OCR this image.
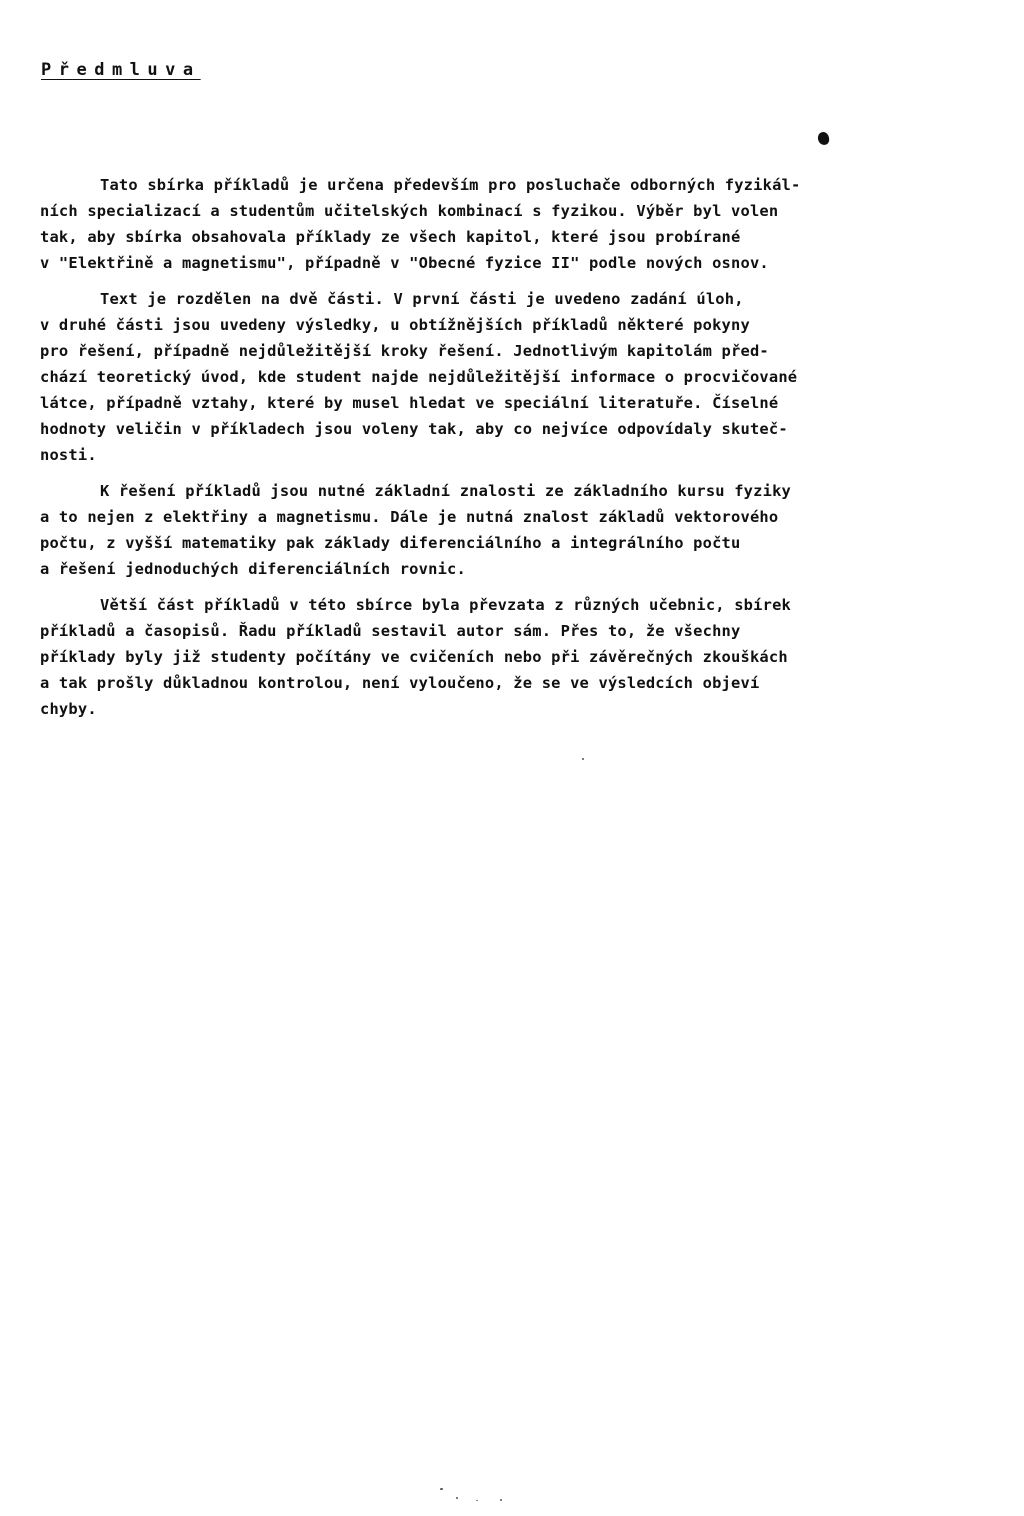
Předmluva
Tato sbírka příkladů je určena především pro posluchače odborných fyzikál-
ních specializací a studentům učitelských kombinací s fyzikou. Výběr byl volen
tak, aby sbírka obsahovala příklady ze všech kapitol, které jsou probírané
v "Elektřině a magnetismu", případně v "Obecné fyzice II" podle nových osnov.
Text je rozdělen na dvě části. V první části je uvedeno zadání úloh,
v druhé části jsou uvedeny výsledky, u obtížnějších příkladů některé pokyny
pro řešení, případně nejdůležitější kroky řešení. Jednotlivým kapitolám před-
chází teoretický úvod, kde student najde nejdůležitější informace o procvičované
látce, případně vztahy, které by musel hledat ve speciální literatuře. Číselné
hodnoty veličin v příkladech jsou voleny tak, aby co nejvíce odpovídaly skuteč-
nosti.
K řešení příkladů jsou nutné základní znalosti ze základního kursu fyziky
a to nejen z elektřiny a magnetismu. Dále je nutná znalost základů vektorového
počtu, z vyšší matematiky pak základy diferenciálního a integrálního počtu
a řešení jednoduchých diferenciálních rovnic.
Větší část příkladů v této sbírce byla převzata z různých učebnic, sbírek
příkladů a časopisů. Řadu příkladů sestavil autor sám. Přes to, že všechny
příklady byly již studenty počítány ve cvičeních nebo při závěrečných zkouškách
a tak prošly důkladnou kontrolou, není vyloučeno, že se ve výsledcích objeví
chyby.
